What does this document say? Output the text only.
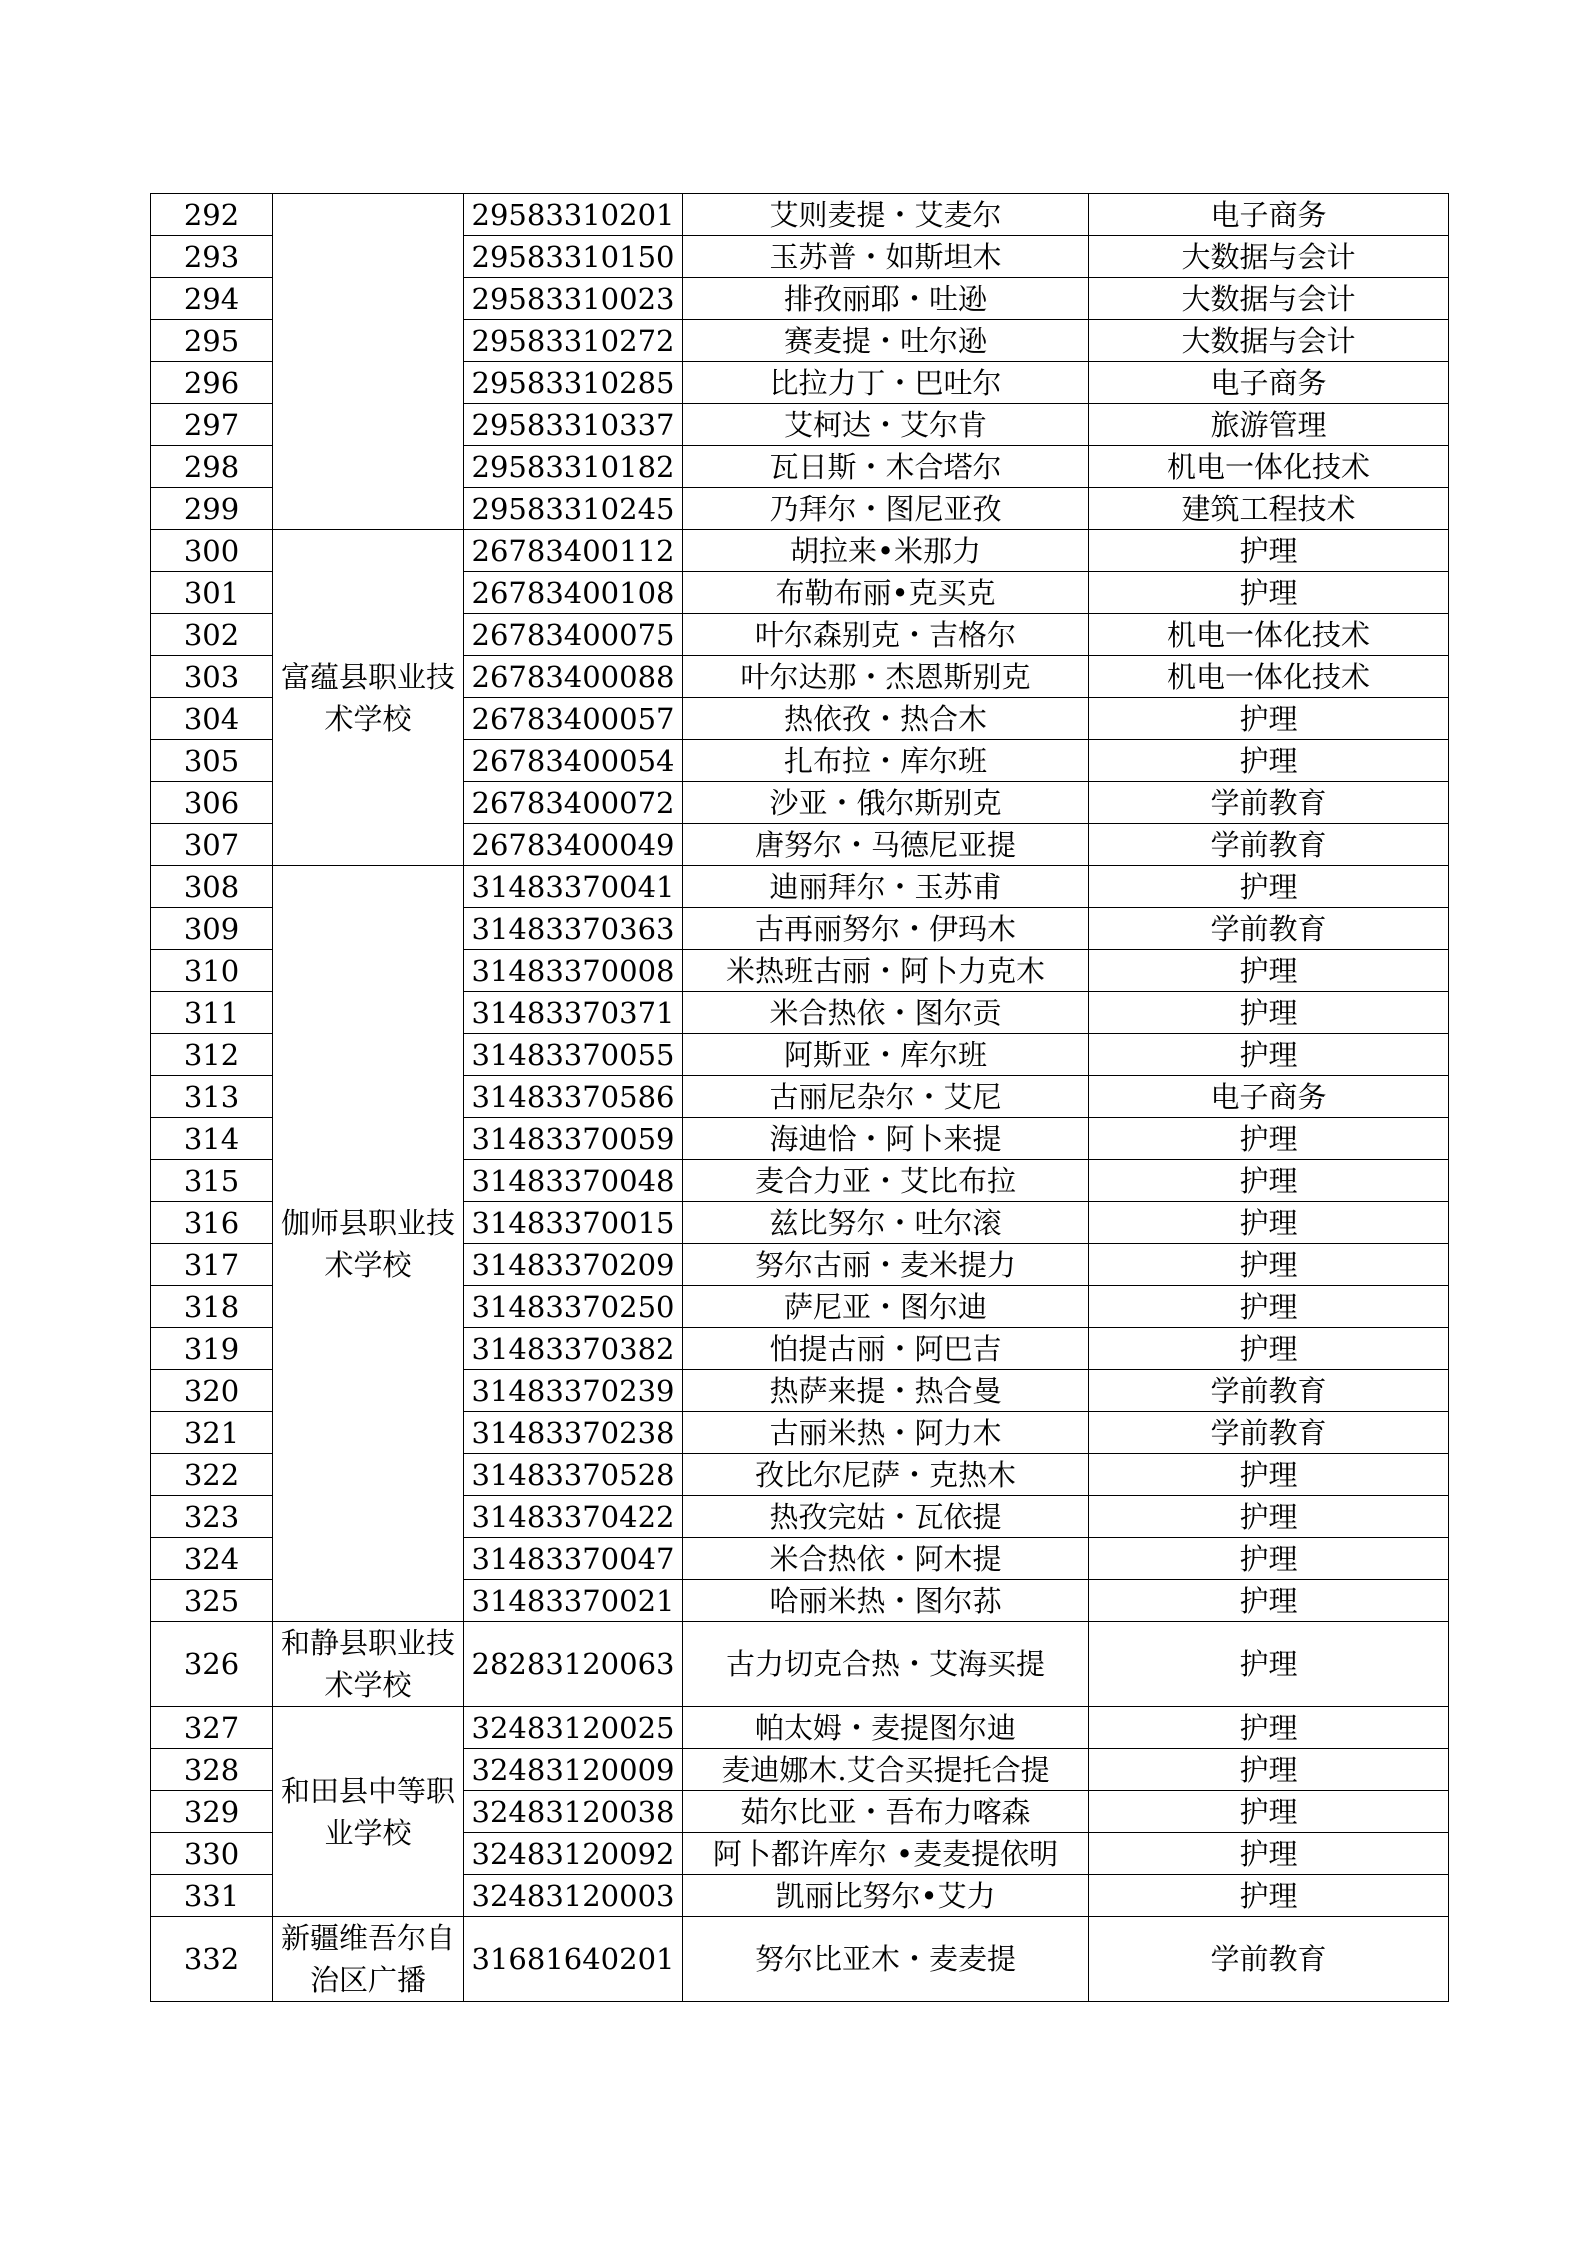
292		29583310201	艾则麦提・艾麦尔	电子商务
293		29583310150	玉苏普・如斯坦木	大数据与会计
294		29583310023	排孜丽耶・吐逊	大数据与会计
295		29583310272	赛麦提・吐尔逊	大数据与会计
296		29583310285	比拉力丁・巴吐尔	电子商务
297		29583310337	艾柯达・艾尔肯	旅游管理
298		29583310182	瓦日斯・木合塔尔	机电一体化技术
299		29583310245	乃拜尔・图尼亚孜	建筑工程技术
300	富蕴县职业技术学校	26783400112	胡拉来•米那力	护理
301		26783400108	布勒布丽•克买克	护理
302		26783400075	叶尔森别克・吉格尔	机电一体化技术
303		26783400088	叶尔达那・杰恩斯别克	机电一体化技术
304		26783400057	热依孜・热合木	护理
305		26783400054	扎布拉・库尔班	护理
306		26783400072	沙亚・俄尔斯别克	学前教育
307		26783400049	唐努尔・马德尼亚提	学前教育
308	伽师县职业技术学校	31483370041	迪丽拜尔・玉苏甫	护理
309		31483370363	古再丽努尔・伊玛木	学前教育
310		31483370008	米热班古丽・阿卜力克木	护理
311		31483370371	米合热依・图尔贡	护理
312		31483370055	阿斯亚・库尔班	护理
313		31483370586	古丽尼杂尔・艾尼	电子商务
314		31483370059	海迪恰・阿卜来提	护理
315		31483370048	麦合力亚・艾比布拉	护理
316		31483370015	兹比努尔・吐尔滚	护理
317		31483370209	努尔古丽・麦米提力	护理
318		31483370250	萨尼亚・图尔迪	护理
319		31483370382	怕提古丽・阿巴吉	护理
320		31483370239	热萨来提・热合曼	学前教育
321		31483370238	古丽米热・阿力木	学前教育
322		31483370528	孜比尔尼萨・克热木	护理
323		31483370422	热孜完姑・瓦依提	护理
324		31483370047	米合热依・阿木提	护理
325		31483370021	哈丽米热・图尔荪	护理
326	和静县职业技术学校	28283120063	古力切克合热・艾海买提	护理
327	和田县中等职业学校	32483120025	帕太姆・麦提图尔迪	护理
328		32483120009	麦迪娜木.艾合买提托合提	护理
329		32483120038	茹尔比亚・吾布力喀森	护理
330		32483120092	阿卜都许库尔 •麦麦提依明	护理
331		32483120003	凯丽比努尔•艾力	护理
332	新疆维吾尔自治区广播	31681640201	努尔比亚木・麦麦提	学前教育
